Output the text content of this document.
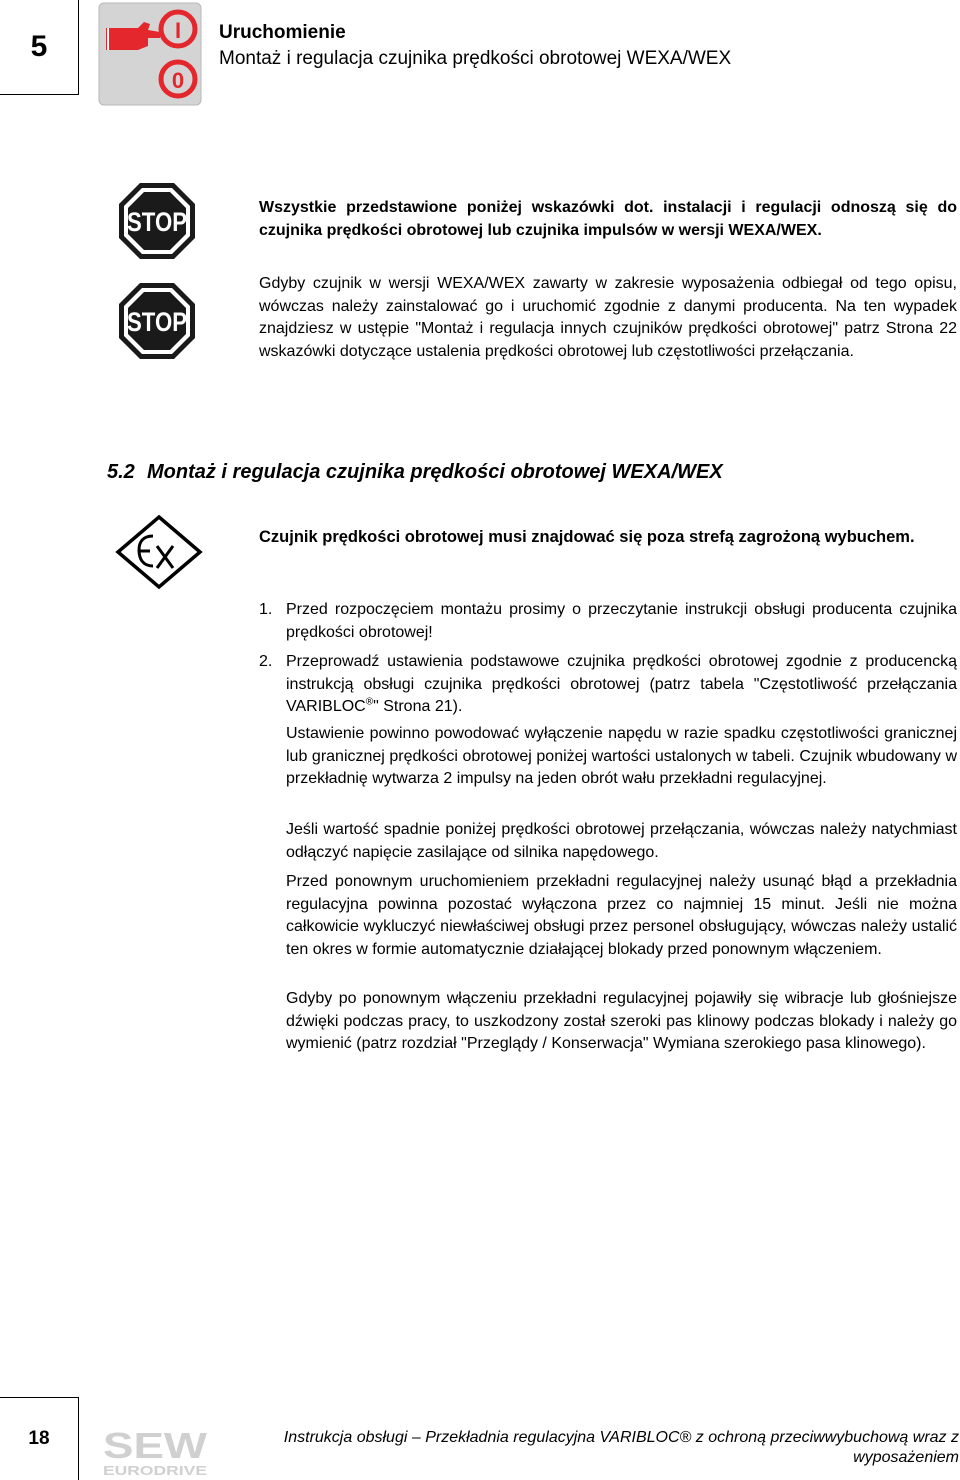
5	I
0
Uruchomienie
Montaż i regulacja czujnika prędkości obrotowej WEXA/WEX
STOP
STOP

Wszystkie przedstawione poniżej wskazówki dot. instalacji i regulacji odnoszą się do czujnika prędkości obrotowej lub czujnika impulsów w wersji WEXA/WEX.

Gdyby czujnik w wersji WEXA/WEX zawarty w zakresie wyposażenia odbiegał od tego opisu, wówczas należy zainstalować go i uruchomić zgodnie z danymi producenta. Na ten wypadek znajdziesz w ustępie "Montaż i regulacja innych czujników prędkości obrotowej" patrz Strona 22 wskazówki dotyczące ustalenia prędkości obrotowej lub częstotliwości przełączania.

5.2 Montaż i regulacja czujnika prędkości obrotowej WEXA/WEX

Czujnik prędkości obrotowej musi znajdować się poza strefą zagrożoną wybuchem.

1. Przed rozpoczęciem montażu prosimy o przeczytanie instrukcji obsługi producenta czujnika prędkości obrotowej!

2. Przeprowadź ustawienia podstawowe czujnika prędkości obrotowej zgodnie z producencką instrukcją obsługi czujnika prędkości obrotowej (patrz tabela "Częstotliwość przełączania VARIBLOC®" Strona 21).

Ustawienie powinno powodować wyłączenie napędu w razie spadku częstotliwości granicznej lub granicznej prędkości obrotowej poniżej wartości ustalonych w tabeli. Czujnik wbudowany w przekładnię wytwarza 2 impulsy na jeden obrót wału przekładni regulacyjnej.

Jeśli wartość spadnie poniżej prędkości obrotowej przełączania, wówczas należy natychmiast odłączyć napięcie zasilające od silnika napędowego.

Przed ponownym uruchomieniem przekładni regulacyjnej należy usunąć błąd a przekładnia regulacyjna powinna pozostać wyłączona przez co najmniej 15 minut. Jeśli nie można całkowicie wykluczyć niewłaściwej obsługi przez personel obsługujący, wówczas należy ustalić ten okres w formie automatycznie działającej blokady przed ponownym włączeniem.

Gdyby po ponownym włączeniu przekładni regulacyjnej pojawiły się wibracje lub głośniejsze dźwięki podczas pracy, to uszkodzony został szeroki pas klinowy podczas blokady i należy go wymienić (patrz rozdział "Przeglądy / Konserwacja" Wymiana szerokiego pasa klinowego).

18	SEW
EURODRIVE
Instrukcja obsługi – Przekładnia regulacyjna VARIBLOC® z ochroną przeciwwybuchową wraz z wyposażeniem
